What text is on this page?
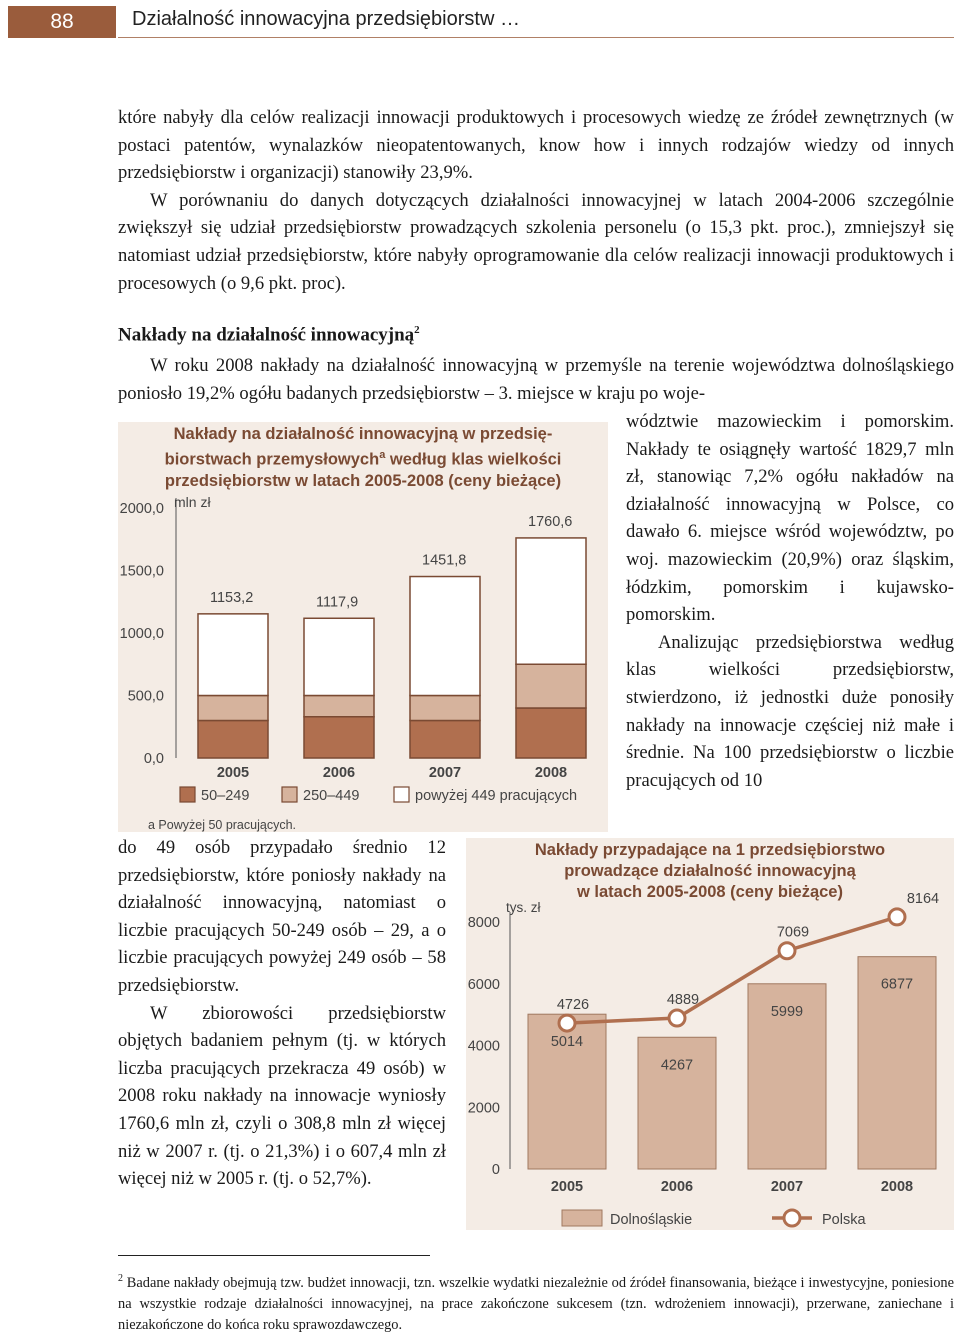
88	Działalność innowacyjna przedsiębiorstw …

które nabyły dla celów realizacji innowacji produktowych i procesowych wiedzę ze źródeł zewnętrznych (w postaci patentów, wynalazków nieopatentowanych, know how i innych rodzajów wiedzy od innych przedsiębiorstw i organizacji) stanowiły 23,9%.

W porównaniu do danych dotyczących działalności innowacyjnej w latach 2004-2006 szczególnie zwiększył się udział przedsiębiorstw prowadzących szkolenia personelu (o 15,3 pkt. proc.), zmniejszył się natomiast udział przedsiębiorstw, które nabyły oprogramowanie dla celów realizacji innowacji produktowych i procesowych (o 9,6 pkt. proc).

Nakłady na działalność innowacyjną$^2$
W roku 2008 nakłady na działalność innowacyjną w przemyśle na terenie województwa dolnośląskiego poniosło 19,2% ogółu badanych przedsiębiorstw – 3. miejsce w kraju po woje-

wództwie mazowieckim i pomorskim. Nakłady te osiągnęły wartość 1829,7 mln zł, stanowiąc 7,2% ogółu nakładów na działalność innowacyjną w Polsce, co dawało 6. miejsce wśród województw, po woj. mazowieckim (20,9%) oraz śląskim, łódzkim, pomorskim i kujawsko-pomorskim.

Analizując przedsiębiorstwa według klas wielkości przedsiębiorstw, stwierdzono, iż jednostki duże ponosiły nakłady na innowacje częściej niż małe i średnie. Na 100 przedsiębiorstw o liczbie pracujących od 10

Nakłady na działalność innowacyjną w przedsię-
biorstwach przemysłowych$^a$ według klas wielkości
przedsiębiorstw w latach 2005-2008 (ceny bieżące)
mln zł
2000,0
1500,0
1000,0
500,0
0,0
1153,2
2005
1117,9
2006
1451,8
2007
1760,6
2008
50–249	250–449	powyżej 449 pracujących
a Powyżej 50 pracujących.
Nakłady przypadające na 1 przedsiębiorstwo
prowadzące działalność innowacyjną
w latach 2005-2008 (ceny bieżące)
tys. zł
8000
6000
4000
2000
0
5014
2005
4267
2006
5999
2007
6877
2008
4726	4889
7069
8164
Dolnośląskie	Polska

do 49 osób przypadało średnio 12 przedsiębiorstw, które poniosły nakłady na działalność innowacyjną, natomiast o liczbie pracujących 50-249 osób – 29, a o liczbie pracujących powyżej 249 osób – 58 przedsiębiorstw.

W zbiorowości przedsiębiorstw objętych badaniem pełnym (tj. w których liczba pracujących przekracza 49 osób) w 2008 roku nakłady na innowacje wyniosły 1760,6 mln zł, czyli o 308,8 mln zł więcej niż w 2007 r. (tj. o 21,3%) i o 607,4 mln zł więcej niż w 2005 r. (tj. o 52,7%).

$^2$ Badane nakłady obejmują tzw. budżet innowacji, tzn. wszelkie wydatki niezależnie od źródeł finansowania, bieżące i inwestycyjne, poniesione na wszystkie rodzaje działalności innowacyjnej, na prace zakończone sukcesem (tzn. wdrożeniem innowacji), przerwane, zaniechane i niezakończone do końca roku sprawozdawczego.
